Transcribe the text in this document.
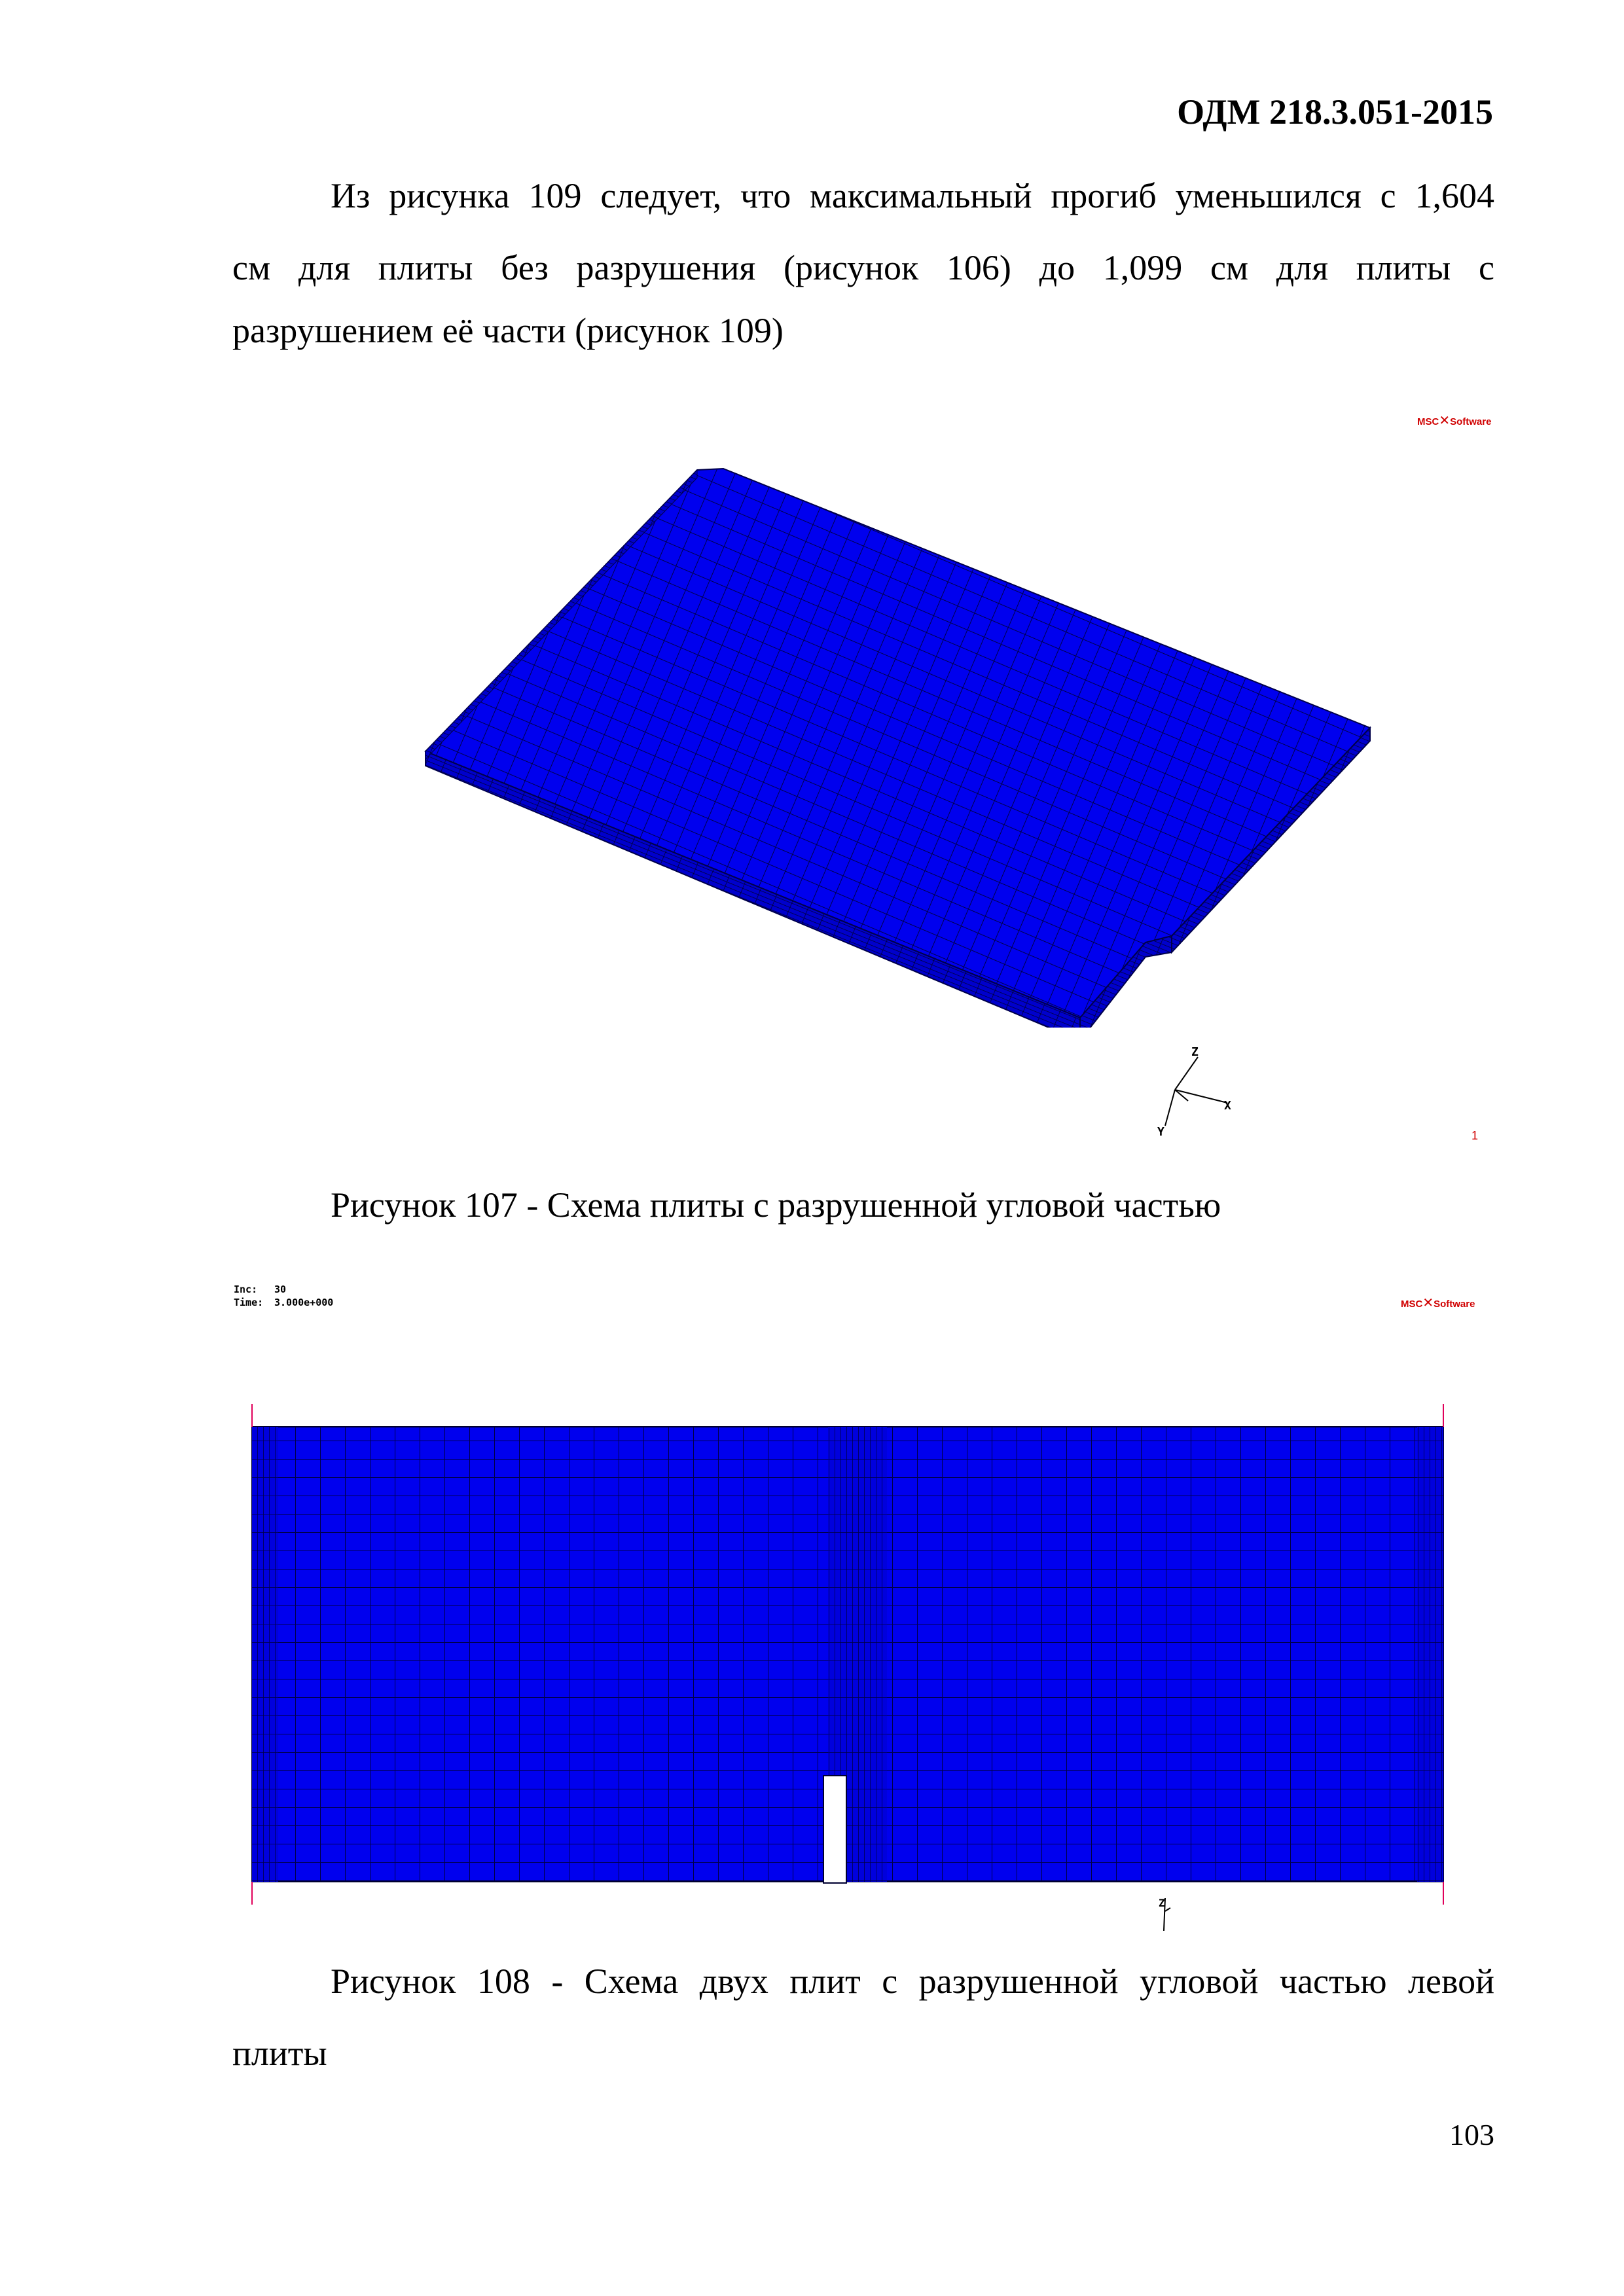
ОДМ 218.3.051-2015

Из рисунка 109 следует, что максимальный прогиб уменьшился с 1,604

см для плиты без разрушения (рисунок 106) до 1,099 см для плиты с

разрушением её части (рисунок 109)

MSC✕Software
Z
X
Y	1

Рисунок 107 - Схема плиты с разрушенной угловой частью

Inc: 30
Time: 3.000e+000	MSC✕Software
Z

Рисунок 108 - Схема двух плит с разрушенной угловой частью левой

плиты

103
